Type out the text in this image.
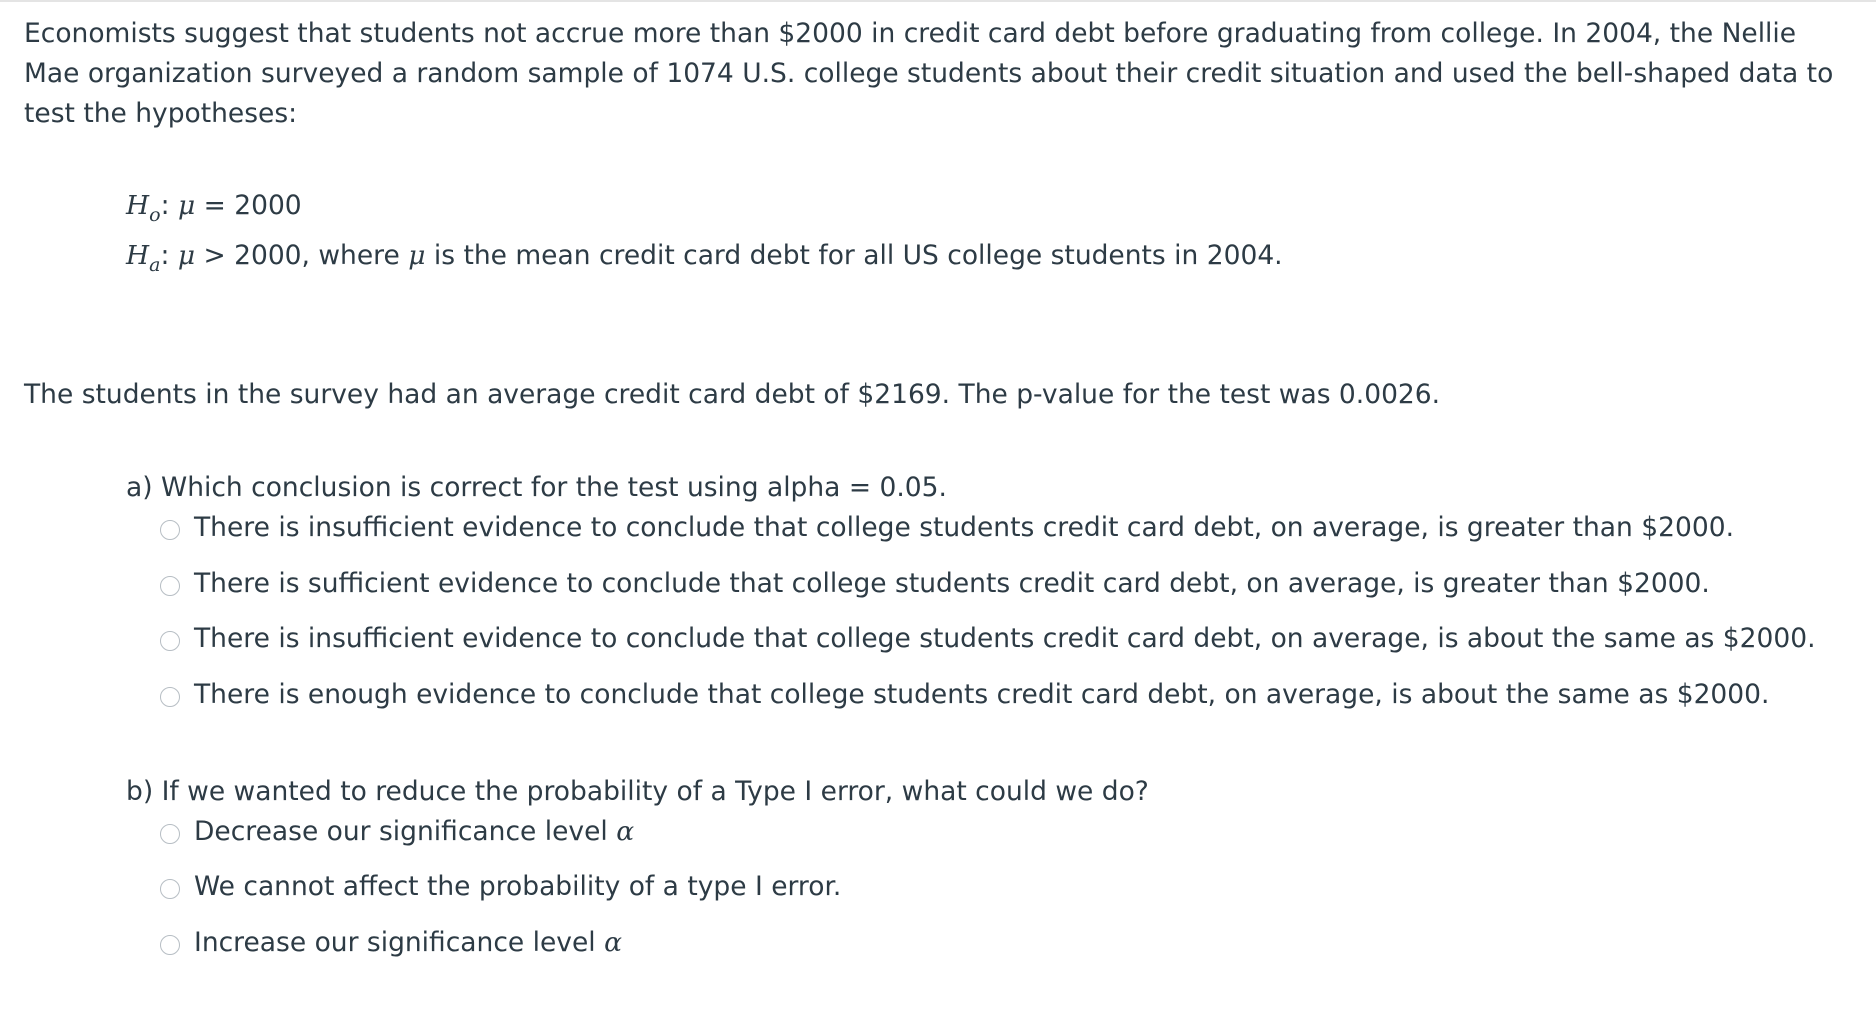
Economists suggest that students not accrue more than $2000 in credit card debt before graduating from college. In 2004, the Nellie Mae organization surveyed a random sample of 1074 U.S. college students about their credit situation and used the bell-shaped data to test the hypotheses:

$H_o$: μ = 2000
$H_a$: μ > 2000, where μ is the mean credit card debt for all US college students in 2004.
The students in the survey had an average credit card debt of $2169. The p-value for the test was 0.0026.
a) Which conclusion is correct for the test using alpha = 0.05.
There is insufficient evidence to conclude that college students credit card debt, on average, is greater than $2000.
There is sufficient evidence to conclude that college students credit card debt, on average, is greater than $2000.
There is insufficient evidence to conclude that college students credit card debt, on average, is about the same as $2000.
There is enough evidence to conclude that college students credit card debt, on average, is about the same as $2000.
b) If we wanted to reduce the probability of a Type I error, what could we do?
Decrease our significance level α
We cannot affect the probability of a type I error.
Increase our significance level α
